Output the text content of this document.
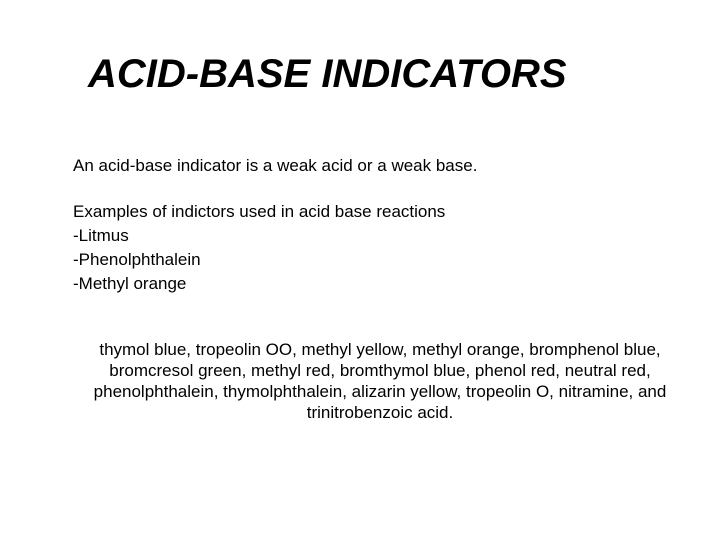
ACID-BASE INDICATORS
An acid-base indicator is a weak acid or a weak base.
Examples of indictors used in acid base reactions
-Litmus
-Phenolphthalein
-Methyl orange

thymol blue, tropeolin OO, methyl yellow, methyl orange, bromphenol blue, bromcresol green, methyl red, bromthymol blue, phenol red, neutral red, phenolphthalein, thymolphthalein, alizarin yellow, tropeolin O, nitramine, and trinitrobenzoic acid.
